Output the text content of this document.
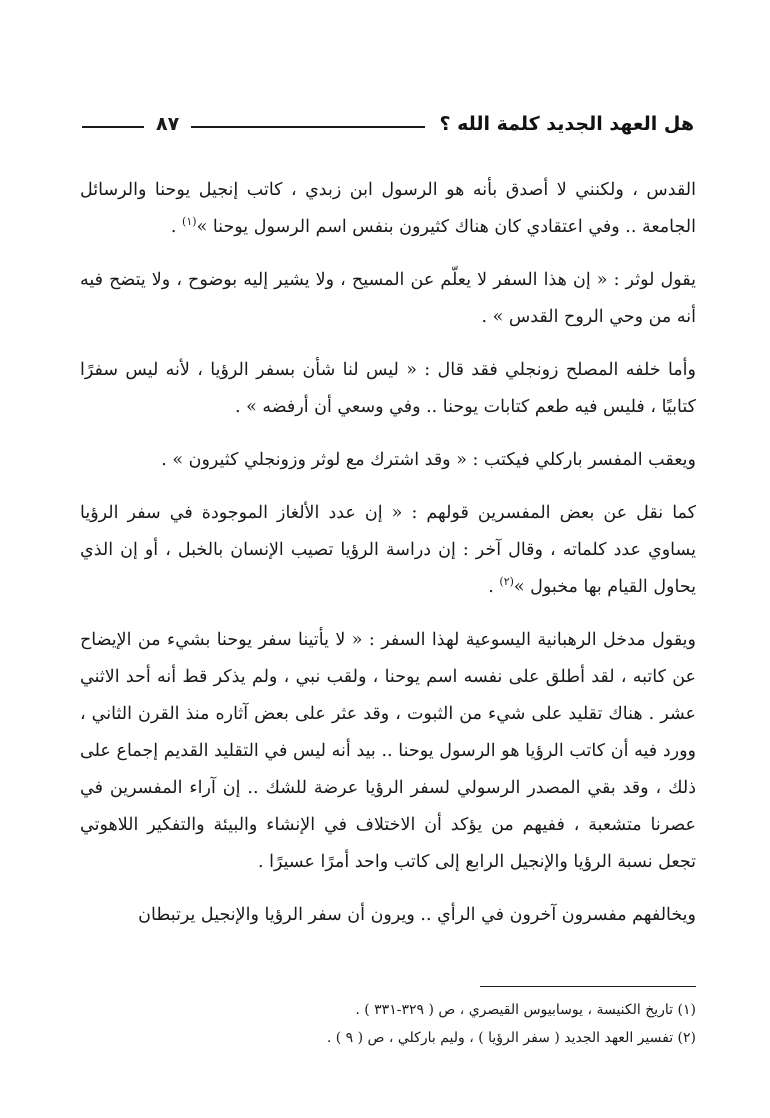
هل العهد الجديد كلمة الله ؟
٨٧

القدس ، ولكنني لا أصدق بأنه هو الرسول ابن زبدي ، كاتب إنجيل يوحنا والرسائل الجامعة .. وفي اعتقادي كان هناك كثيرون بنفس اسم الرسول يوحنا »$^{(١)}$ .

يقول لوثر : « إن هذا السفر لا يعلّم عن المسيح ، ولا يشير إليه بوضوح ، ولا يتضح فيه أنه من وحي الروح القدس » .

وأما خلفه المصلح زونجلي فقد قال : « ليس لنا شأن بسفر الرؤيا ، لأنه ليس سفرًا كتابيًا ، فليس فيه طعم كتابات يوحنا .. وفي وسعي أن أرفضه » .

ويعقب المفسر باركلي فيكتب : « وقد اشترك مع لوثر وزونجلي كثيرون » .

كما نقل عن بعض المفسرين قولهم : « إن عدد الألغاز الموجودة في سفر الرؤيا يساوي عدد كلماته ، وقال آخر : إن دراسة الرؤيا تصيب الإنسان بالخبل ، أو إن الذي يحاول القيام بها مخبول »$^{(٢)}$ .

ويقول مدخل الرهبانية اليسوعية لهذا السفر : « لا يأتينا سفر يوحنا بشيء من الإيضاح عن كاتبه ، لقد أطلق على نفسه اسم يوحنا ، ولقب نبي ، ولم يذكر قط أنه أحد الاثني عشر . هناك تقليد على شيء من الثبوت ، وقد عثر على بعض آثاره منذ القرن الثاني ، وورد فيه أن كاتب الرؤيا هو الرسول يوحنا .. بيد أنه ليس في التقليد القديم إجماع على ذلك ، وقد بقي المصدر الرسولي لسفر الرؤيا عرضة للشك .. إن آراء المفسرين في عصرنا متشعبة ، ففيهم من يؤكد أن الاختلاف في الإنشاء والبيئة والتفكير اللاهوتي تجعل نسبة الرؤيا والإنجيل الرابع إلى كاتب واحد أمرًا عسيرًا .

ويخالفهم مفسرون آخرون في الرأي .. ويرون أن سفر الرؤيا والإنجيل يرتبطان

(١) تاريخ الكنيسة ، يوسابيوس القيصري ، ص ( ٣٢٩-٣٣١ ) .
(٢) تفسير العهد الجديد ( سفر الرؤيا ) ، وليم باركلي ، ص ( ٩ ) .
